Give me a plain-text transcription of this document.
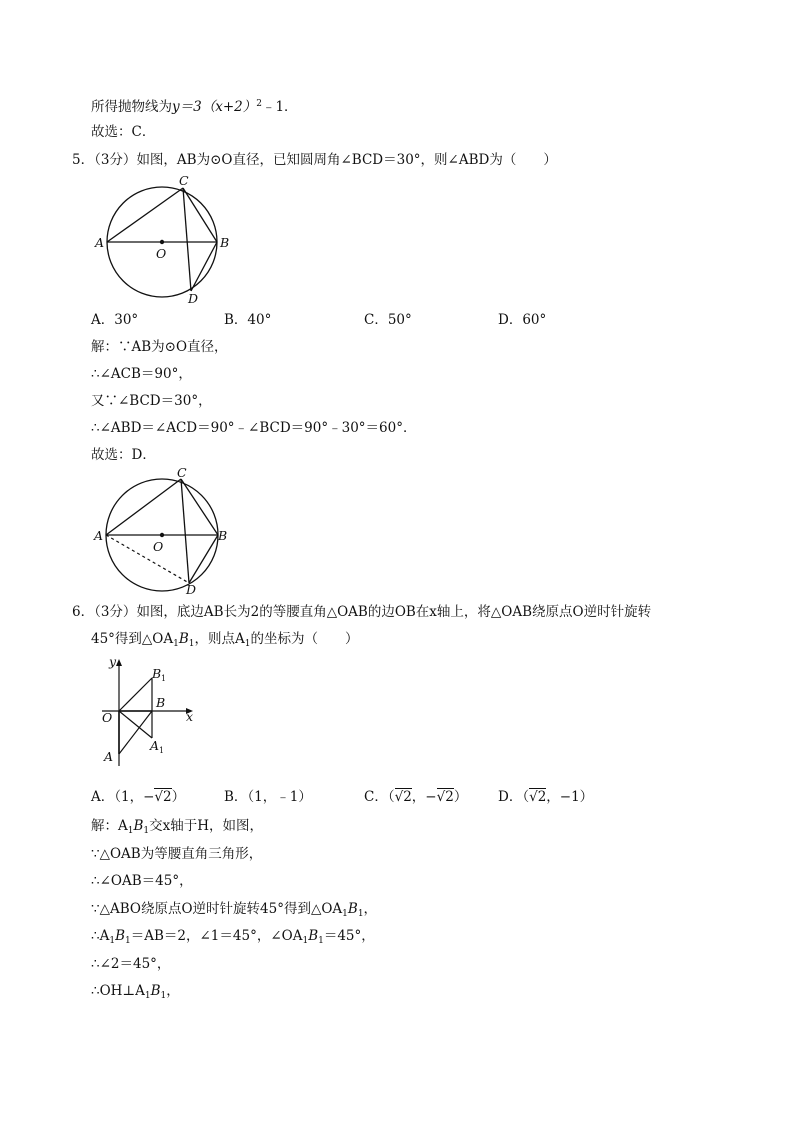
所得抛物线为$y=3(x+2)^2﹣1$．
故选：C．
5．（3分）如图，AB为⊙O直径，已知圆周角∠BCD＝30°，则∠ABD为（　　）
A	B
C
D
O
A．30°	B．40°	C．50°	D．60°
解：∵AB为⊙O直径，
∴∠ACB＝90°，
又∵∠BCD＝30°，
∴∠ABD＝∠ACD＝90°﹣∠BCD＝90°﹣30°＝60°．
故选：D．
A	B
C
D
O
6．（3分）如图，底边AB长为2的等腰直角△OAB的边OB在x轴上，将△OAB绕原点O逆时针旋转
45°得到$\triangle OA_1B_1$，则点$A_1$的坐标为（　　）
y
x
O
B
B 1
A 1
A
A．（1，−√2）	B．（1，﹣1）	C．（√2，−√2） D．（√2，−1）
解：$A_1B_1$交x轴于H，如图，
∵△OAB为等腰直角三角形，
∴∠OAB＝45°，
∵△ABO绕原点O逆时针旋转45°得到$\triangle OA_1B_1$，
$\therefore A_1B_1=AB=2$，∠1＝45°，$\angle OA_1B_1=45^\circ$，
∴∠2＝45°，
$\therefore OH\perp A_1B_1$，
